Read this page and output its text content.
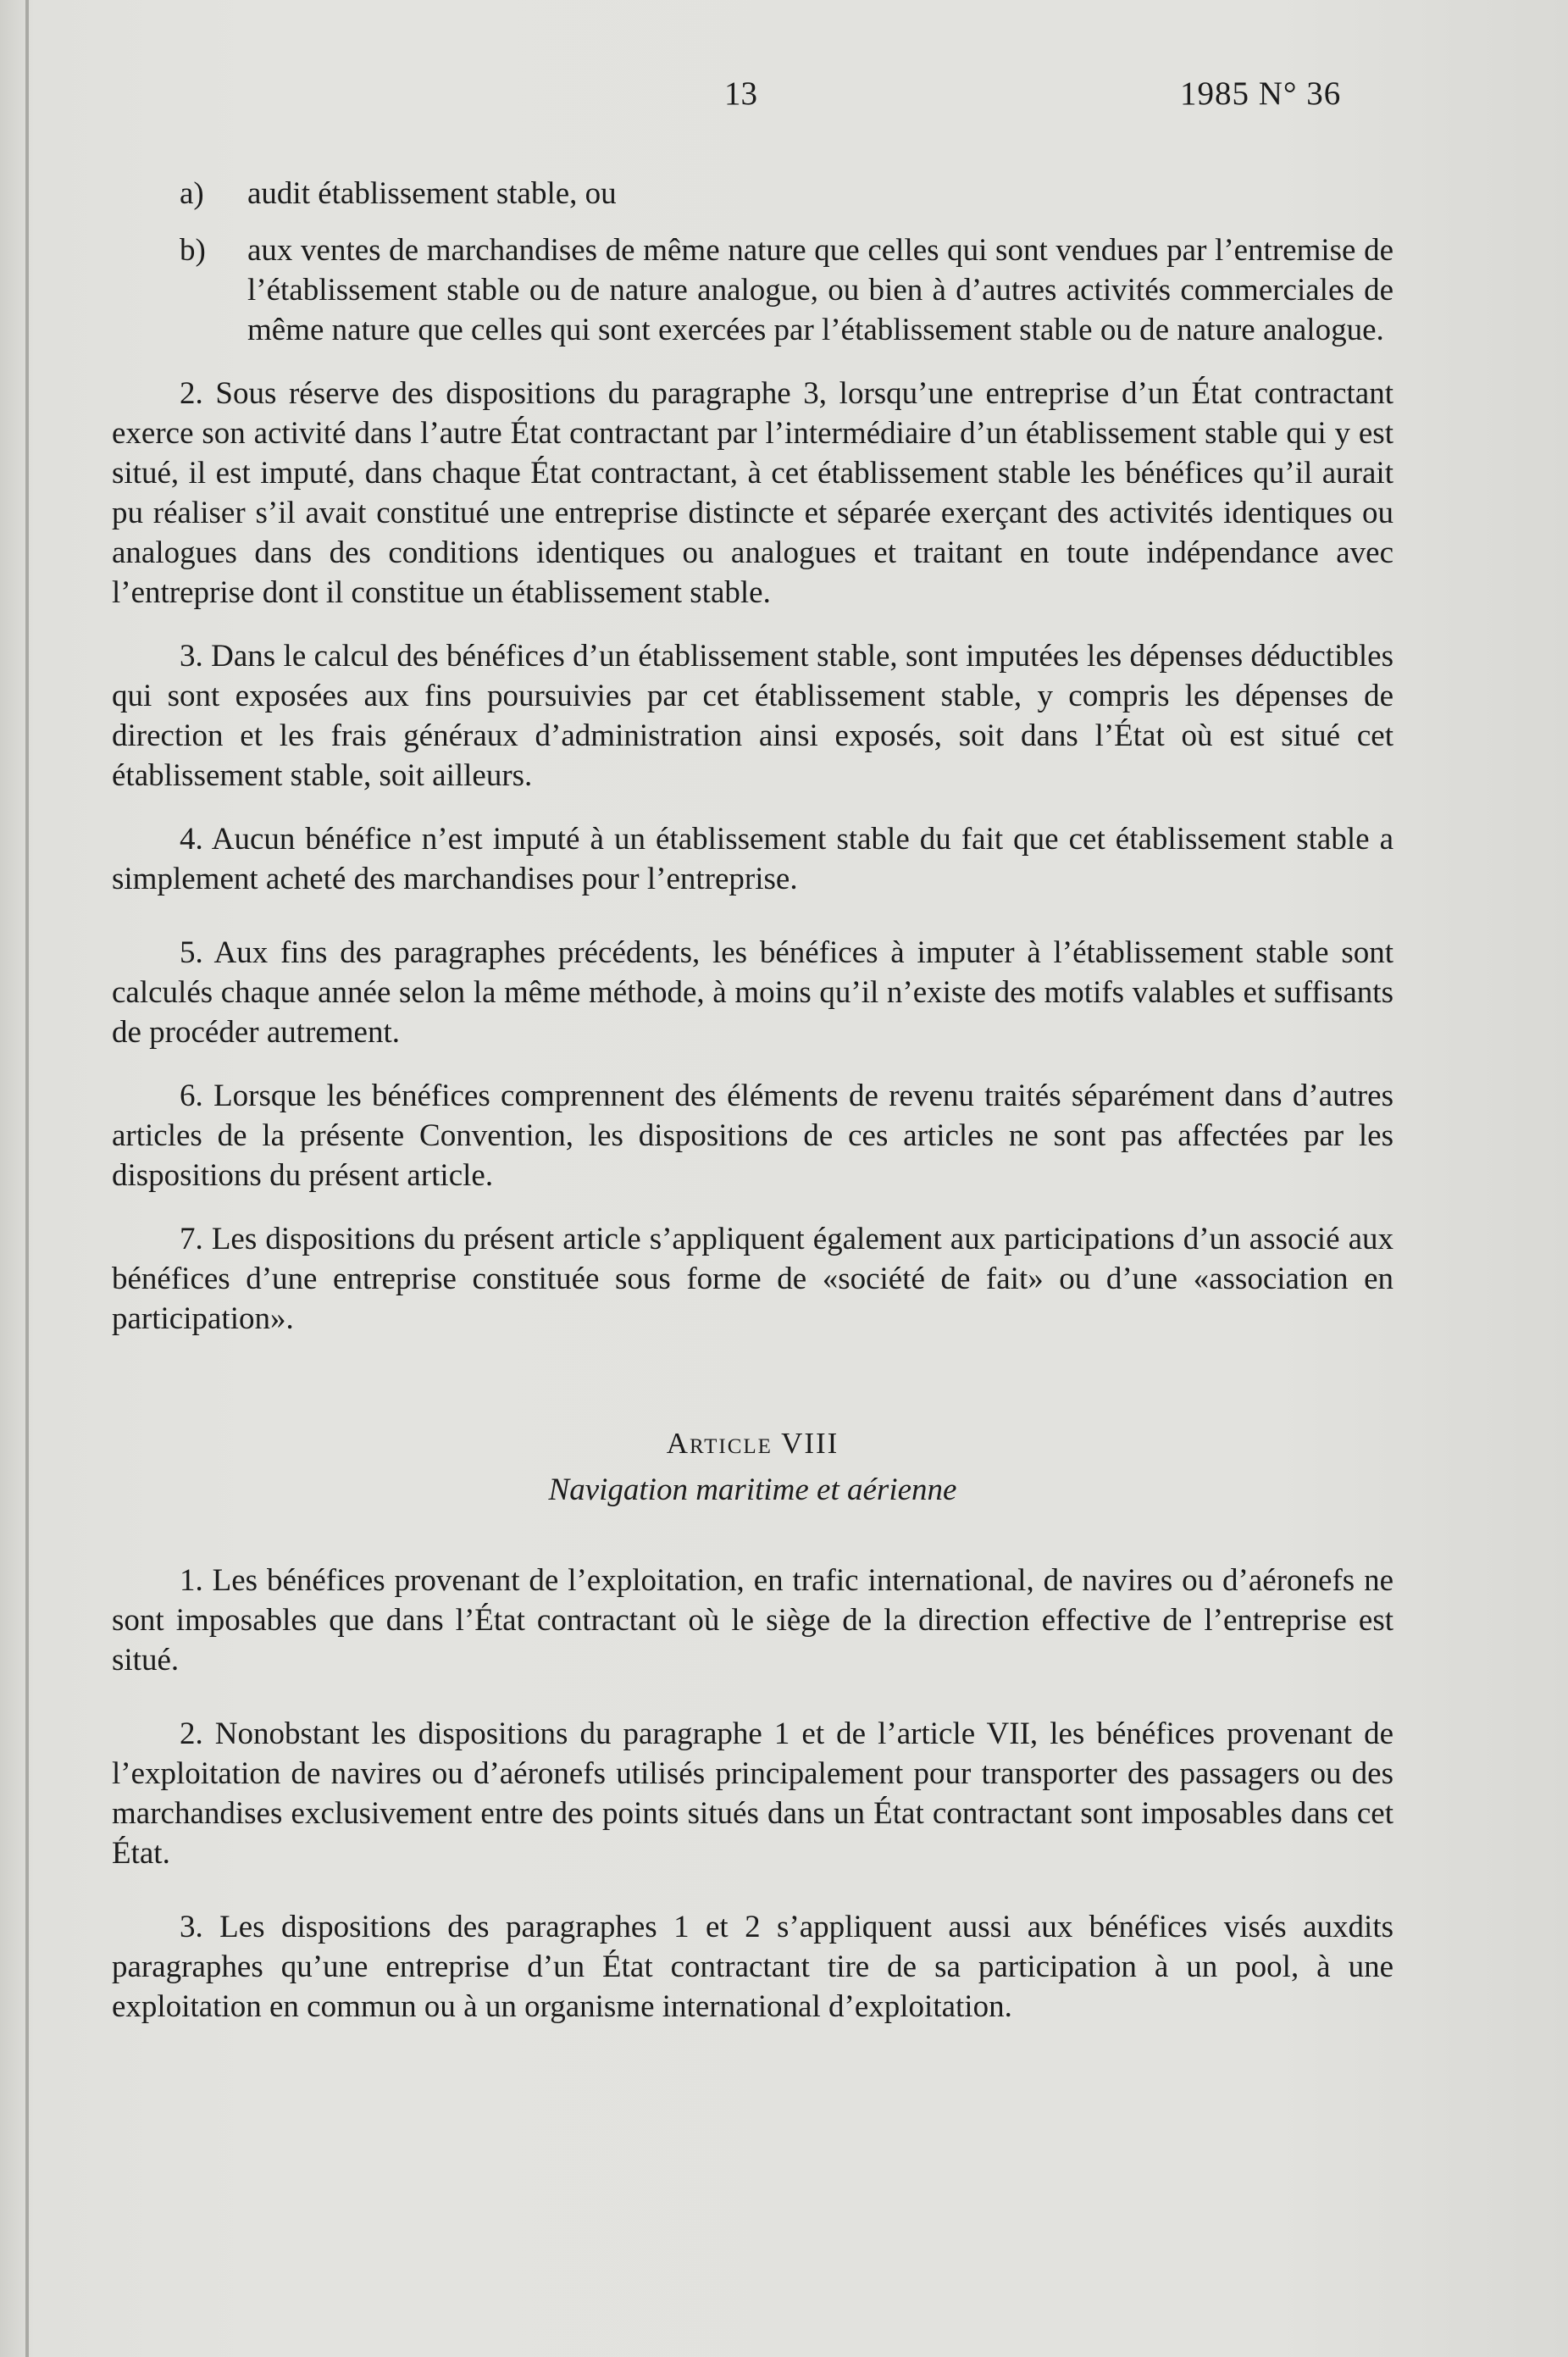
13	1985 N° 36
a)	audit établissement stable, ou
b)	aux ventes de marchandises de même nature que celles qui sont vendues par l’entremise de l’établissement stable ou de nature analogue, ou bien à d’autres activités commerciales de même nature que celles qui sont exercées par l’établissement stable ou de nature analogue.

2. Sous réserve des dispositions du paragraphe 3, lorsqu’une entreprise d’un État contractant exerce son activité dans l’autre État contractant par l’intermédiaire d’un établissement stable qui y est situé, il est imputé, dans chaque État contractant, à cet établissement stable les bénéfices qu’il aurait pu réaliser s’il avait constitué une entreprise distincte et séparée exerçant des activités identiques ou analogues dans des conditions identiques ou analogues et traitant en toute indépendance avec l’entreprise dont il constitue un établissement stable.

3. Dans le calcul des bénéfices d’un établissement stable, sont imputées les dépenses déductibles qui sont exposées aux fins poursuivies par cet établissement stable, y compris les dépenses de direction et les frais généraux d’administration ainsi exposés, soit dans l’État où est situé cet établissement stable, soit ailleurs.

4. Aucun bénéfice n’est imputé à un établissement stable du fait que cet établissement stable a simplement acheté des marchandises pour l’entreprise.

5. Aux fins des paragraphes précédents, les bénéfices à imputer à l’établissement stable sont calculés chaque année selon la même méthode, à moins qu’il n’existe des motifs valables et suffisants de procéder autrement.

6. Lorsque les bénéfices comprennent des éléments de revenu traités séparément dans d’autres articles de la présente Convention, les dispositions de ces articles ne sont pas affectées par les dispositions du présent article.

7. Les dispositions du présent article s’appliquent également aux participations d’un associé aux bénéfices d’une entreprise constituée sous forme de «société de fait» ou d’une «association en participation».

Article VIII
Navigation maritime et aérienne

1. Les bénéfices provenant de l’exploitation, en trafic international, de navires ou d’aéronefs ne sont imposables que dans l’État contractant où le siège de la direction effective de l’entreprise est situé.

2. Nonobstant les dispositions du paragraphe 1 et de l’article VII, les bénéfices provenant de l’exploitation de navires ou d’aéronefs utilisés principalement pour transporter des passagers ou des marchandises exclusivement entre des points situés dans un État contractant sont imposables dans cet État.

3. Les dispositions des paragraphes 1 et 2 s’appliquent aussi aux bénéfices visés auxdits paragraphes qu’une entreprise d’un État contractant tire de sa participation à un pool, à une exploitation en commun ou à un organisme international d’exploitation.
